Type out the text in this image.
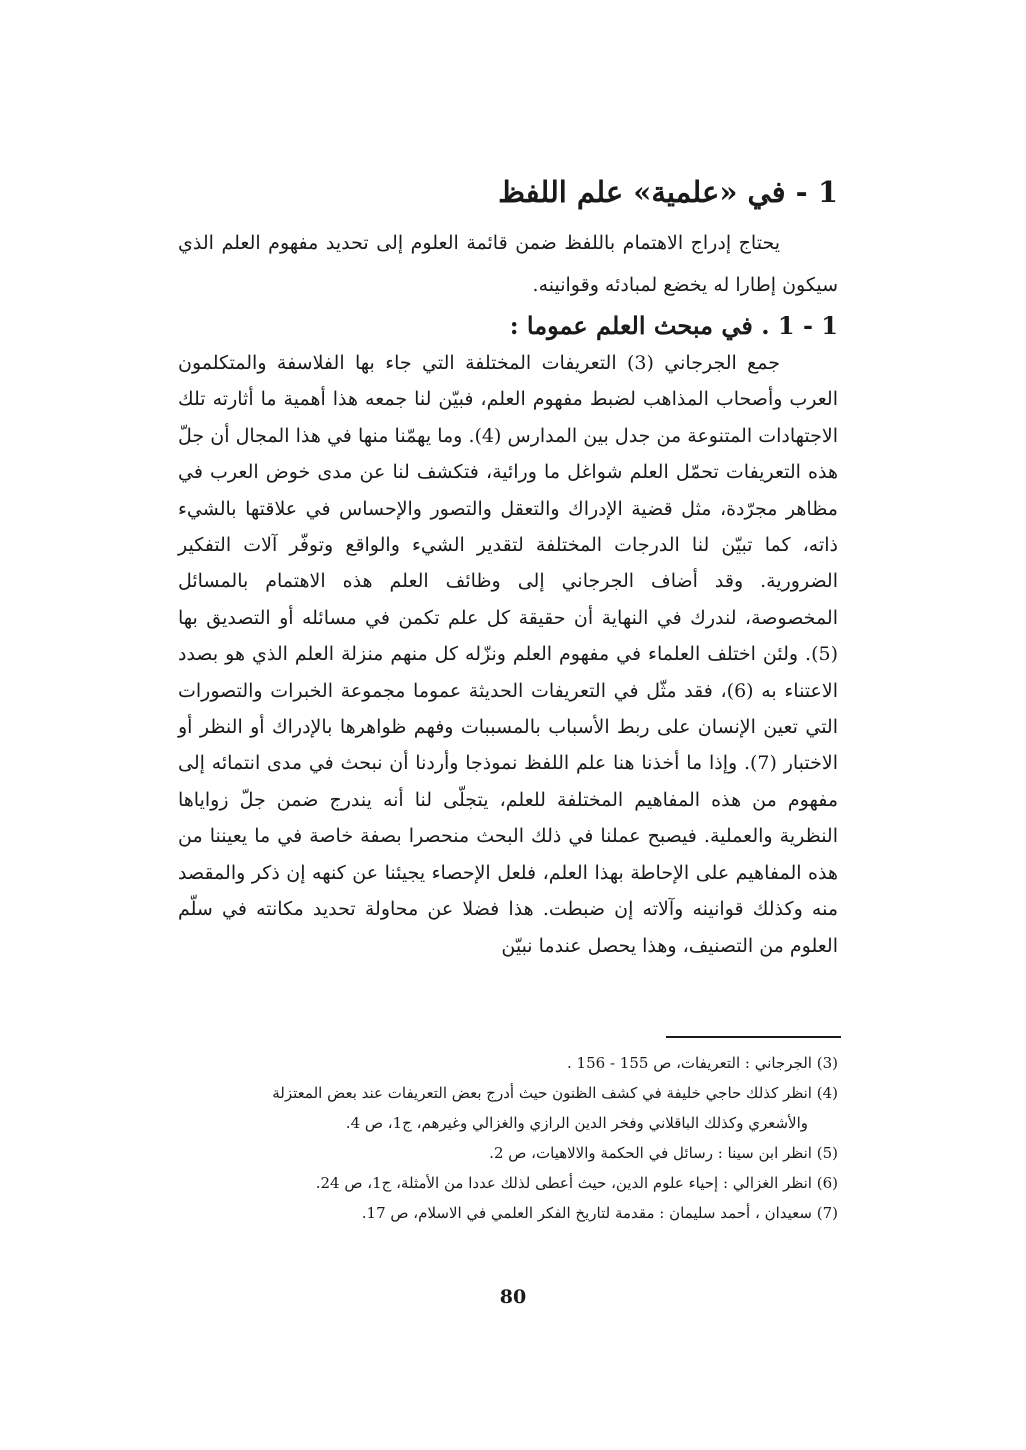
1 - في «علمية» علم اللفظ

يحتاج إدراج الاهتمام باللفظ ضمن قائمة العلوم إلى تحديد مفهوم العلم الذي سيكون إطارا له يخضع لمبادئه وقوانينه.

1 - 1 . في مبحث العلم عموما :

جمع الجرجاني (3) التعريفات المختلفة التي جاء بها الفلاسفة والمتكلمون العرب وأصحاب المذاهب لضبط مفهوم العلم، فبيّن لنا جمعه هذا أهمية ما أثارته تلك الاجتهادات المتنوعة من جدل بين المدارس (4). وما يهمّنا منها في هذا المجال أن جلّ هذه التعريفات تحمّل العلم شواغل ما ورائية، فتكشف لنا عن مدى خوض العرب في مظاهر مجرّدة، مثل قضية الإدراك والتعقل والتصور والإحساس في علاقتها بالشيء ذاته، كما تبيّن لنا الدرجات المختلفة لتقدير الشيء والواقع وتوفّر آلات التفكير الضرورية. وقد أضاف الجرجاني إلى وظائف العلم هذه الاهتمام بالمسائل المخصوصة، لندرك في النهاية أن حقيقة كل علم تكمن في مسائله أو التصديق بها (5). ولئن اختلف العلماء في مفهوم العلم ونزّله كل منهم منزلة العلم الذي هو بصدد الاعتناء به (6)، فقد مثّل في التعريفات الحديثة عموما مجموعة الخبرات والتصورات التي تعين الإنسان على ربط الأسباب بالمسببات وفهم ظواهرها بالإدراك أو النظر أو الاختبار (7). وإذا ما أخذنا هنا علم اللفظ نموذجا وأردنا أن نبحث في مدى انتمائه إلى مفهوم من هذه المفاهيم المختلفة للعلم، يتجلّى لنا أنه يندرج ضمن جلّ زواياها النظرية والعملية. فيصبح عملنا في ذلك البحث منحصرا بصفة خاصة في ما يعيننا من هذه المفاهيم على الإحاطة بهذا العلم، فلعل الإحصاء يجيئنا عن كنهه إن ذكر والمقصد منه وكذلك قوانينه وآلاته إن ضبطت. هذا فضلا عن محاولة تحديد مكانته في سلّم العلوم من التصنيف، وهذا يحصل عندما نبيّن

(3) الجرجاني : التعريفات، ص 155 - 156 .
(4) انظر كذلك حاجي خليفة في كشف الظنون حيث أدرج بعض التعريفات عند بعض المعتزلة
والأشعري وكذلك الباقلاني وفخر الدين الرازي والغزالي وغيرهم، ج1، ص 4.
(5) انظر ابن سينا : رسائل في الحكمة والالاهيات، ص 2.
(6) انظر الغزالي : إحياء علوم الدين، حيث أعطى لذلك عددا من الأمثلة، ج1، ص 24.
(7) سعيدان ، أحمد سليمان : مقدمة لتاريخ الفكر العلمي في الاسلام، ص 17.
80
